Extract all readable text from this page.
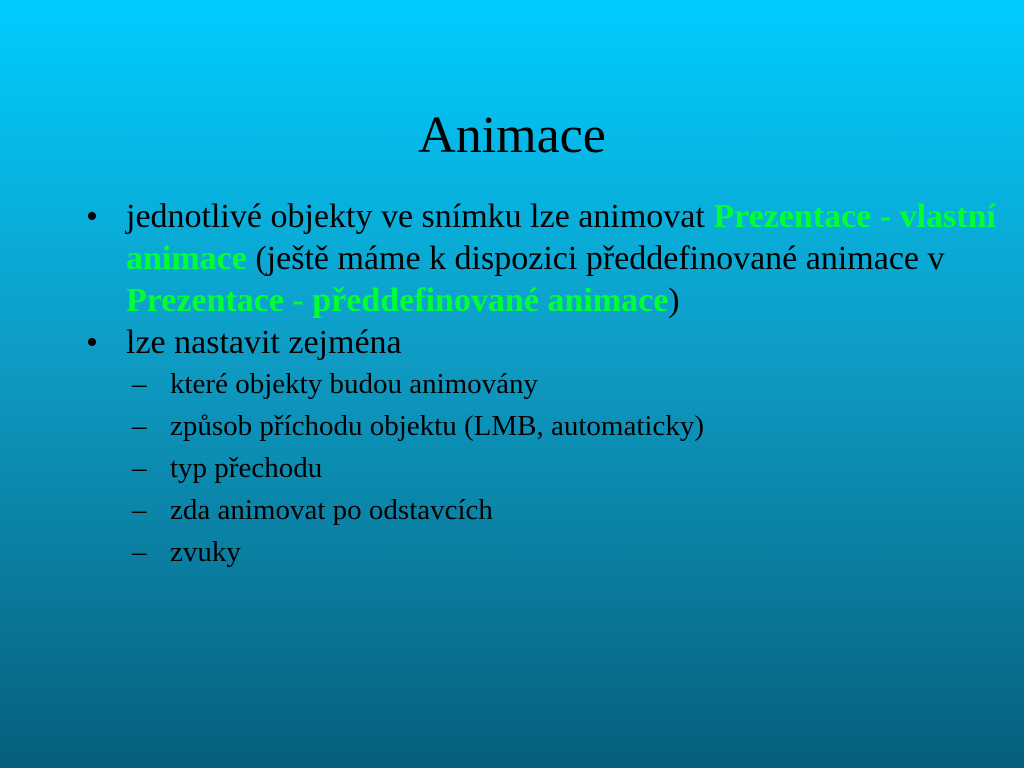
Animace
• jednotlivé objekty ve snímku lze animovat Prezentace - vlastní animace (ještě máme k dispozici předdefinované animace v Prezentace - předdefinované animace)
• lze nastavit zejména
– které objekty budou animovány
– způsob příchodu objektu (LMB, automaticky)
– typ přechodu
– zda animovat po odstavcích
– zvuky
